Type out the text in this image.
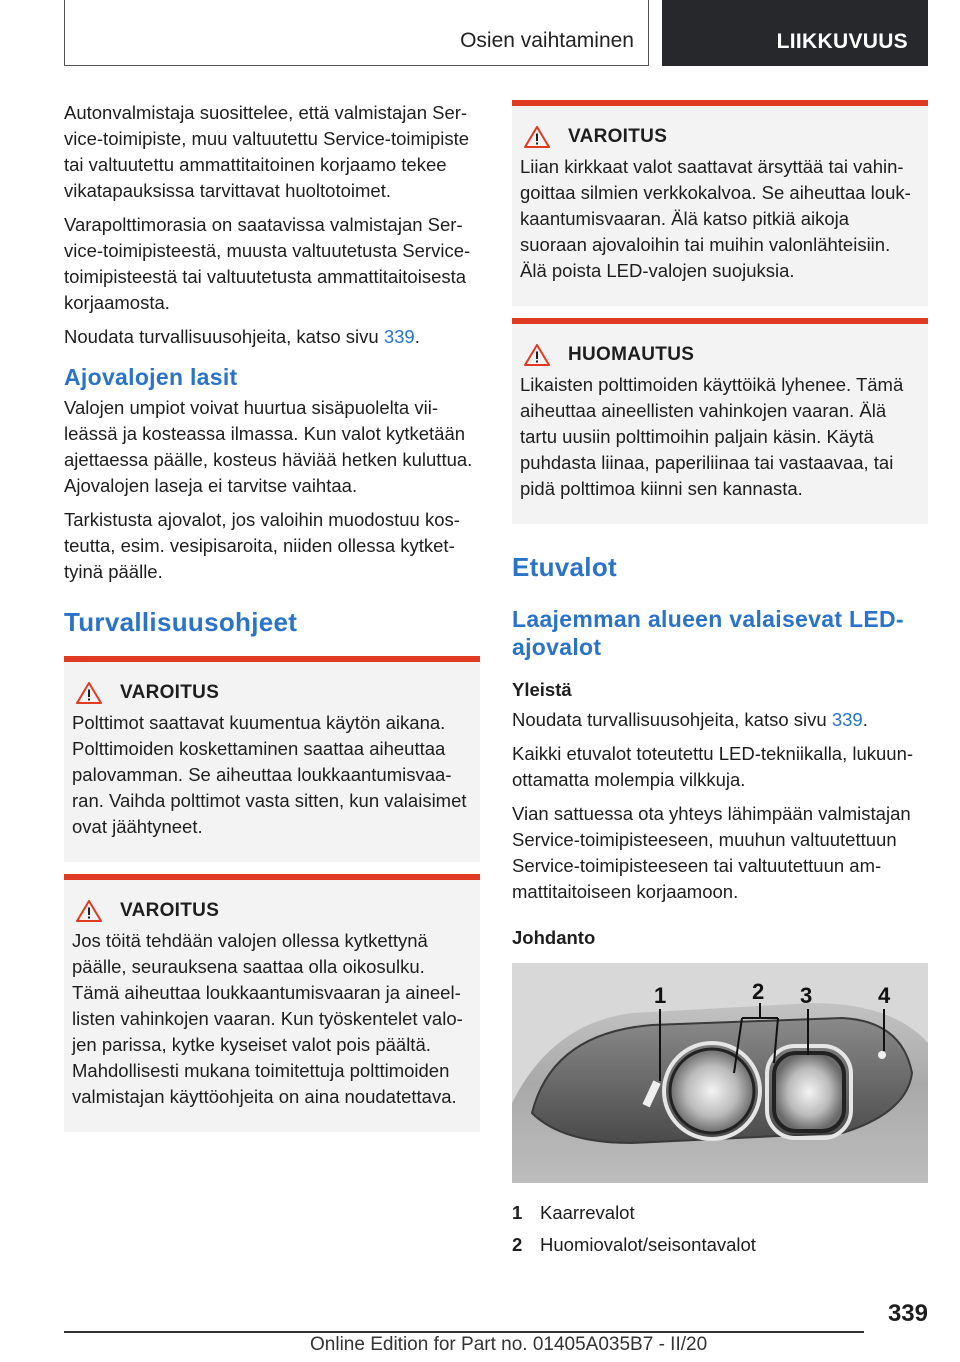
Osien vaihtaminen	LIIKKUVUUS

Autonvalmistaja suosittelee, että valmistajan Service-toimipiste, muu valtuutettu Service-toimipiste tai valtuutettu ammattitaitoinen korjaamo tekee vikatapauksissa tarvittavat huoltotoimet.

Varapolttimorasia on saatavissa valmistajan Service-toimipisteestä, muusta valtuutetusta Service-toimipisteestä tai valtuutetusta ammattitaitoisesta korjaamosta.

Noudata turvallisuusohjeita, katso sivu 339.

Ajovalojen lasit

Valojen umpiot voivat huurtua sisäpuolelta viileässä ja kosteassa ilmassa. Kun valot kytketään ajettaessa päälle, kosteus häviää hetken kuluttua. Ajovalojen laseja ei tarvitse vaihtaa.

Tarkistusta ajovalot, jos valoihin muodostuu kosteutta, esim. vesipisaroita, niiden ollessa kytkettyinä päälle.

Turvallisuusohjeet
VAROITUS

Polttimot saattavat kuumentua käytön aikana. Polttimoiden koskettaminen saattaa aiheuttaa palovamman. Se aiheuttaa loukkaantumisvaaran. Vaihda polttimot vasta sitten, kun valaisimet ovat jäähtyneet.

VAROITUS

Jos töitä tehdään valojen ollessa kytkettynä päälle, seurauksena saattaa olla oikosulku. Tämä aiheuttaa loukkaantumisvaaran ja aineellisten vahinkojen vaaran. Kun työskentelet valojen parissa, kytke kyseiset valot pois päältä. Mahdollisesti mukana toimitettuja polttimoiden valmistajan käyttöohjeita on aina noudatettava.

VAROITUS

Liian kirkkaat valot saattavat ärsyttää tai vahingoittaa silmien verkkokalvoa. Se aiheuttaa loukkaantumisvaaran. Älä katso pitkiä aikoja suoraan ajovaloihin tai muihin valonlähteisiin. Älä poista LED-valojen suojuksia.

HUOMAUTUS

Likaisten polttimoiden käyttöikä lyhenee. Tämä aiheuttaa aineellisten vahinkojen vaaran. Älä tartu uusiin polttimoihin paljain käsin. Käytä puhdasta liinaa, paperiliinaa tai vastaavaa, tai pidä polttimoa kiinni sen kannasta.

Etuvalot
Laajemman alueen valaisevat LED-ajovalot
Yleistä

Noudata turvallisuusohjeita, katso sivu 339.

Kaikki etuvalot toteutettu LED-tekniikalla, lukuunottamatta molempia vilkkuja.

Vian sattuessa ota yhteys lähimpään valmistajan Service-toimipisteeseen, muuhun valtuutettuun Service-toimipisteeseen tai valtuutettuun ammattitaitoiseen korjaamoon.

Johdanto
1	2 3	4
1 Kaarrevalot
2 Huomiovalot/seisontavalot
339
Online Edition for Part no. 01405A035B7 - II/20
